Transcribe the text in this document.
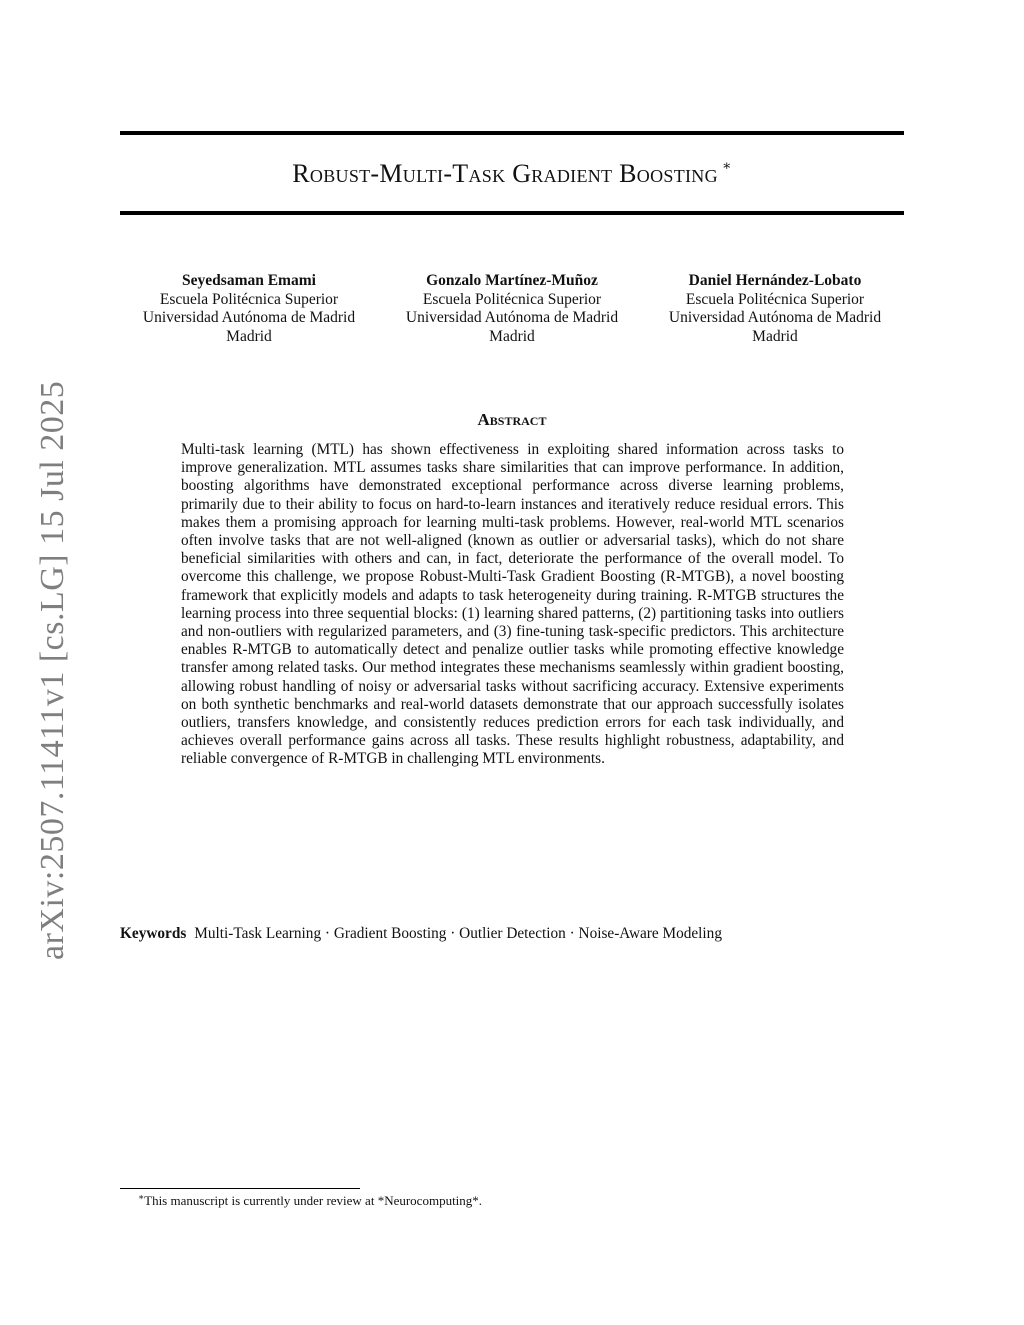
arXiv:2507.11411v1 [cs.LG] 15 Jul 2025
Robust-Multi-Task Gradient Boosting ∗
Seyedsaman Emami
Escuela Politécnica Superior
Universidad Autónoma de Madrid
Madrid
Gonzalo Martínez-Muñoz
Escuela Politécnica Superior
Universidad Autónoma de Madrid
Madrid
Daniel Hernández-Lobato
Escuela Politécnica Superior
Universidad Autónoma de Madrid
Madrid
Abstract
Multi-task learning (MTL) has shown effectiveness in exploiting shared information across tasks to improve generalization. MTL assumes tasks share similarities that can improve performance. In addition, boosting algorithms have demonstrated exceptional performance across diverse learning problems, primarily due to their ability to focus on hard-to-learn instances and iteratively reduce residual errors. This makes them a promising approach for learning multi-task problems. However, real-world MTL scenarios often involve tasks that are not well-aligned (known as outlier or adversarial tasks), which do not share beneficial similarities with others and can, in fact, deteriorate the performance of the overall model. To overcome this challenge, we propose Robust-Multi-Task Gradient Boosting (R-MTGB), a novel boosting framework that explicitly models and adapts to task heterogeneity during training. R-MTGB structures the learning process into three sequential blocks: (1) learning shared patterns, (2) partitioning tasks into outliers and non-outliers with regularized parameters, and (3) fine-tuning task-specific predictors. This architecture enables R-MTGB to automatically detect and penalize outlier tasks while promoting effective knowledge transfer among related tasks. Our method integrates these mechanisms seamlessly within gradient boosting, allowing robust handling of noisy or adversarial tasks without sacrificing accuracy. Extensive experiments on both synthetic benchmarks and real-world datasets demonstrate that our approach successfully isolates outliers, transfers knowledge, and consistently reduces prediction errors for each task individually, and achieves overall performance gains across all tasks. These results highlight robustness, adaptability, and reliable convergence of R-MTGB in challenging MTL environments.
Keywords Multi-Task Learning · Gradient Boosting · Outlier Detection · Noise-Aware Modeling
∗This manuscript is currently under review at *Neurocomputing*.
